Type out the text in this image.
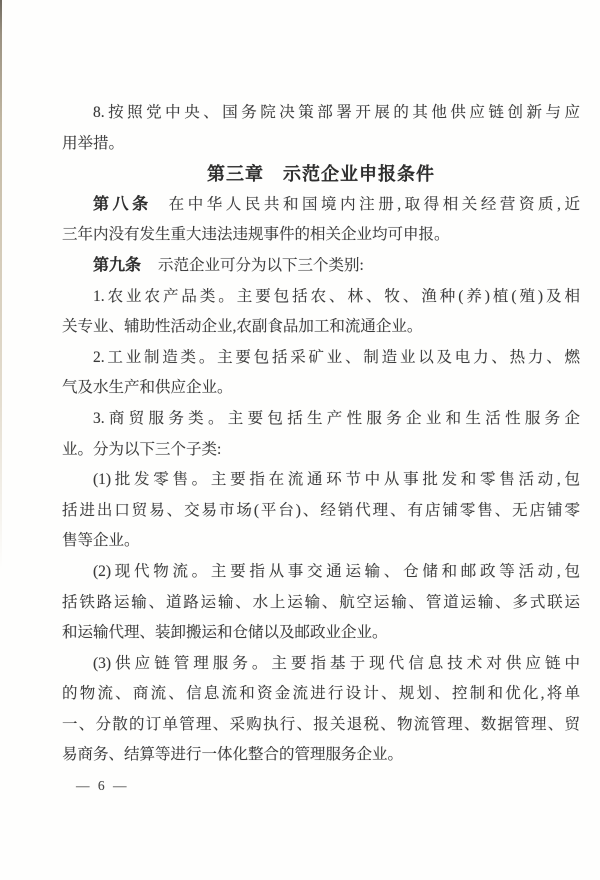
8.按照党中央、国务院决策部署开展的其他供应链创新与应

用举措。

第三章　示范企业申报条件

第八条 在中华人民共和国境内注册,取得相关经营资质,近

三年内没有发生重大违法违规事件的相关企业均可申报。

第九条 示范企业可分为以下三个类别:

1.农业农产品类。主要包括农、林、牧、渔种(养)植(殖)及相

关专业、辅助性活动企业,农副食品加工和流通企业。

2.工业制造类。主要包括采矿业、制造业以及电力、热力、燃

气及水生产和供应企业。

3.商贸服务类。主要包括生产性服务企业和生活性服务企

业。分为以下三个子类:

(1)批发零售。主要指在流通环节中从事批发和零售活动,包

括进出口贸易、交易市场(平台)、经销代理、有店铺零售、无店铺零

售等企业。

(2)现代物流。主要指从事交通运输、仓储和邮政等活动,包

括铁路运输、道路运输、水上运输、航空运输、管道运输、多式联运

和运输代理、装卸搬运和仓储以及邮政业企业。

(3)供应链管理服务。主要指基于现代信息技术对供应链中

的物流、商流、信息流和资金流进行设计、规划、控制和优化,将单

一、分散的订单管理、采购执行、报关退税、物流管理、数据管理、贸

易商务、结算等进行一体化整合的管理服务企业。

— 6 —
